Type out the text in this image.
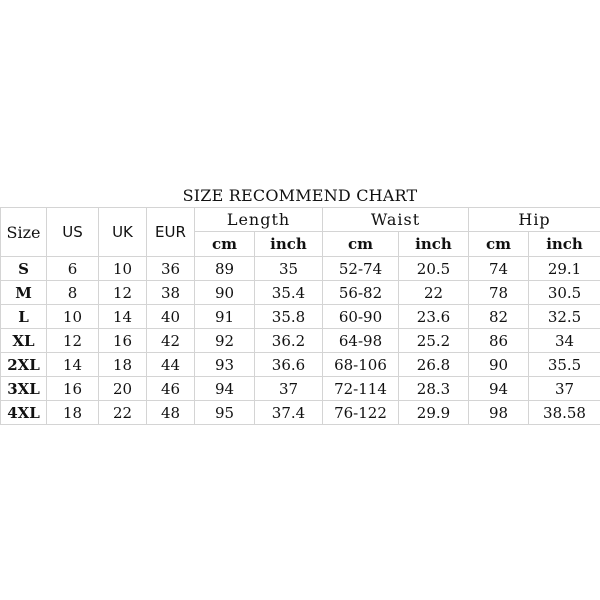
SIZE RECOMMEND CHART
Size	US	UK	EUR	Length		Waist		Hip	
				cm	inch	cm	inch	cm	inch
S	6	10	36	89	35	52-74	20.5	74	29.1
M	8	12	38	90	35.4	56-82	22	78	30.5
L	10	14	40	91	35.8	60-90	23.6	82	32.5
XL	12	16	42	92	36.2	64-98	25.2	86	34
2XL	14	18	44	93	36.6	68-106	26.8	90	35.5
3XL	16	20	46	94	37	72-114	28.3	94	37
4XL	18	22	48	95	37.4	76-122	29.9	98	38.58
